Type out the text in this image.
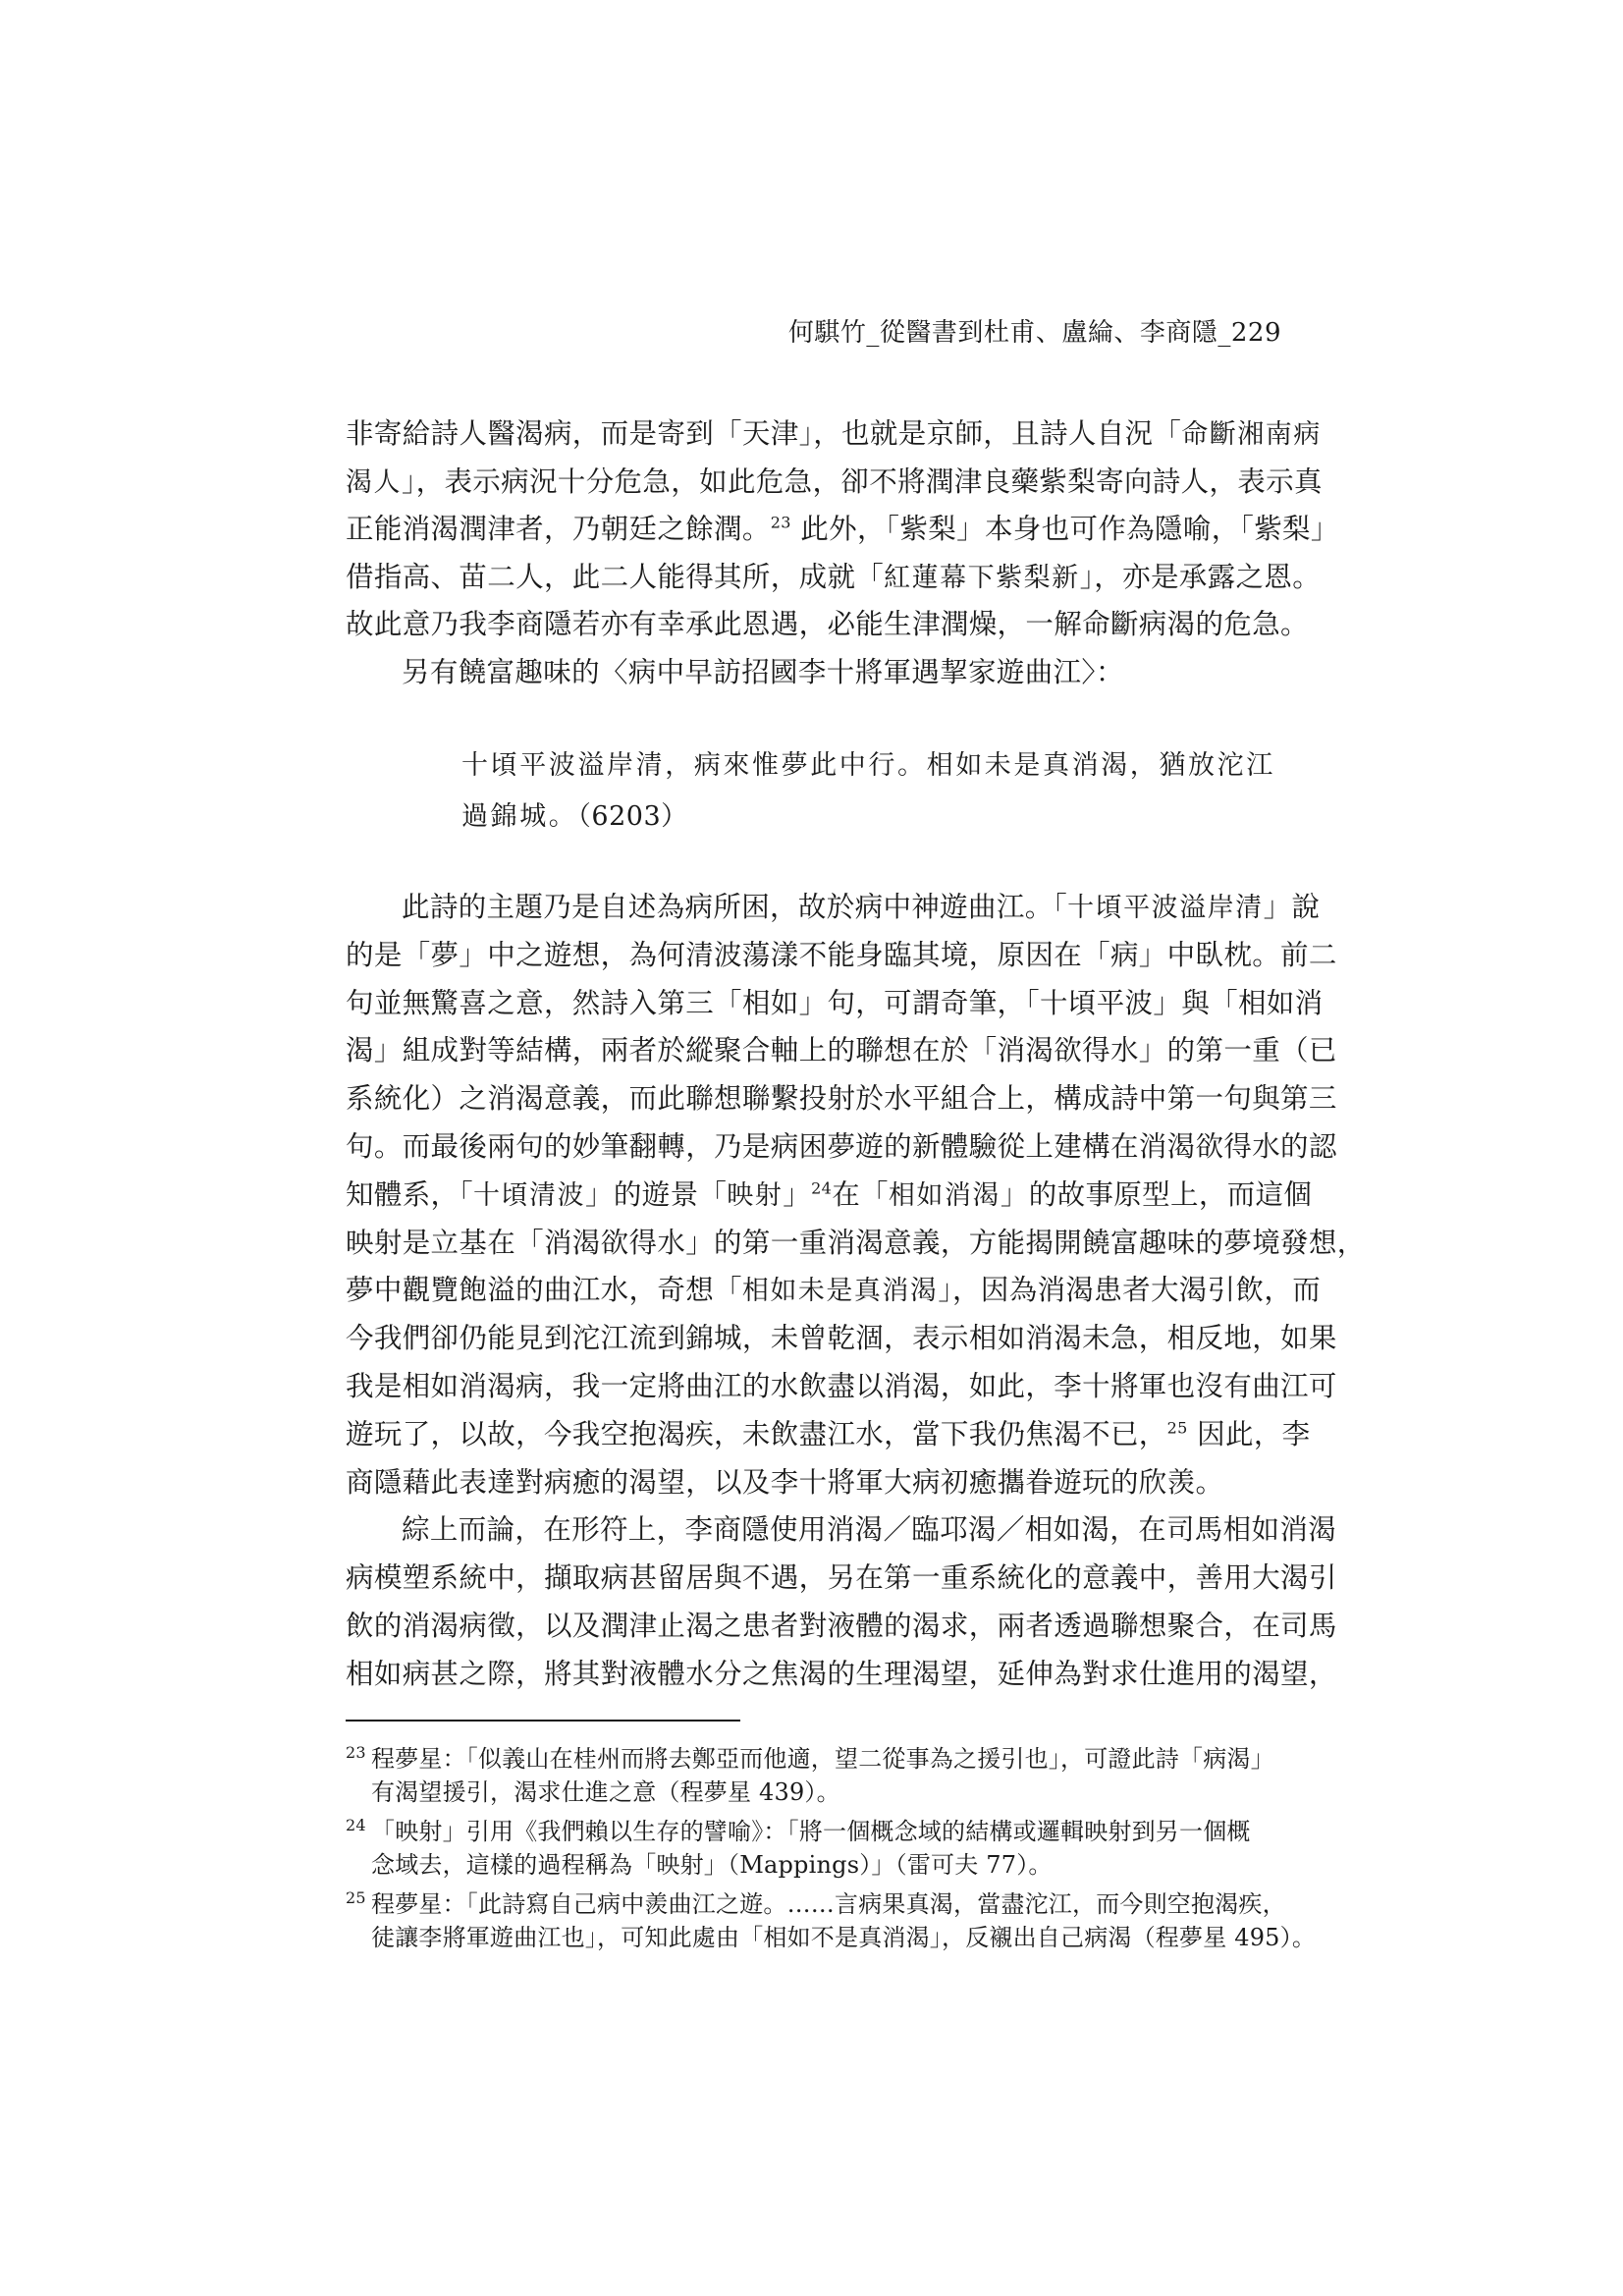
何騏竹_從醫書到杜甫、盧綸、李商隱_229
非寄給詩人醫渴病，而是寄到「天津」，也就是京師，且詩人自況「命斷湘南病
渴人」，表示病況十分危急，如此危急，卻不將潤津良藥紫梨寄向詩人，表示真
正能消渴潤津者，乃朝廷之餘潤。$^{23}$ 此外，「紫梨」本身也可作為隱喻，「紫梨」
借指高、苗二人，此二人能得其所，成就「紅蓮幕下紫梨新」，亦是承露之恩。
故此意乃我李商隱若亦有幸承此恩遇，必能生津潤燥，一解命斷病渴的危急。
另有饒富趣味的〈病中早訪招國李十將軍遇挈家遊曲江〉：
十頃平波溢岸清，病來惟夢此中行。相如未是真消渴，猶放沱江
過錦城。（6203）
此詩的主題乃是自述為病所困，故於病中神遊曲江。「十頃平波溢岸清」說
的是「夢」中之遊想，為何清波蕩漾不能身臨其境，原因在「病」中臥枕。前二
句並無驚喜之意，然詩入第三「相如」句，可謂奇筆，「十頃平波」與「相如消
渴」組成對等結構，兩者於縱聚合軸上的聯想在於「消渴欲得水」的第一重（已
系統化）之消渴意義，而此聯想聯繫投射於水平組合上，構成詩中第一句與第三
句。而最後兩句的妙筆翻轉，乃是病困夢遊的新體驗從上建構在消渴欲得水的認
知體系，「十頃清波」的遊景「映射」$^{24}$在「相如消渴」的故事原型上，而這個
映射是立基在「消渴欲得水」的第一重消渴意義，方能揭開饒富趣味的夢境發想，
夢中觀覽飽溢的曲江水，奇想「相如未是真消渴」，因為消渴患者大渴引飲，而
今我們卻仍能見到沱江流到錦城，未曾乾涸，表示相如消渴未急，相反地，如果
我是相如消渴病，我一定將曲江的水飲盡以消渴，如此，李十將軍也沒有曲江可
遊玩了，以故，今我空抱渴疾，未飲盡江水，當下我仍焦渴不已，$^{25}$ 因此，李
商隱藉此表達對病癒的渴望，以及李十將軍大病初癒攜眷遊玩的欣羡。
綜上而論，在形符上，李商隱使用消渴／臨邛渴／相如渴，在司馬相如消渴
病模塑系統中，擷取病甚留居與不遇，另在第一重系統化的意義中，善用大渴引
飲的消渴病徵，以及潤津止渴之患者對液體的渴求，兩者透過聯想聚合，在司馬
相如病甚之際，將其對液體水分之焦渴的生理渴望，延伸為對求仕進用的渴望，
23 程夢星：「似義山在桂州而將去鄭亞而他適，望二從事為之援引也」，可證此詩「病渴」
有渴望援引，渴求仕進之意（程夢星 439）。
24 「映射」引用《我們賴以生存的譬喻》：「將一個概念域的結構或邏輯映射到另一個概
念域去，這樣的過程稱為「映射」（Mappings）」（雷可夫 77）。
25 程夢星：「此詩寫自己病中羨曲江之遊。……言病果真渴，當盡沱江，而今則空抱渴疾，
徒讓李將軍遊曲江也」，可知此處由「相如不是真消渴」，反襯出自己病渴（程夢星 495）。
